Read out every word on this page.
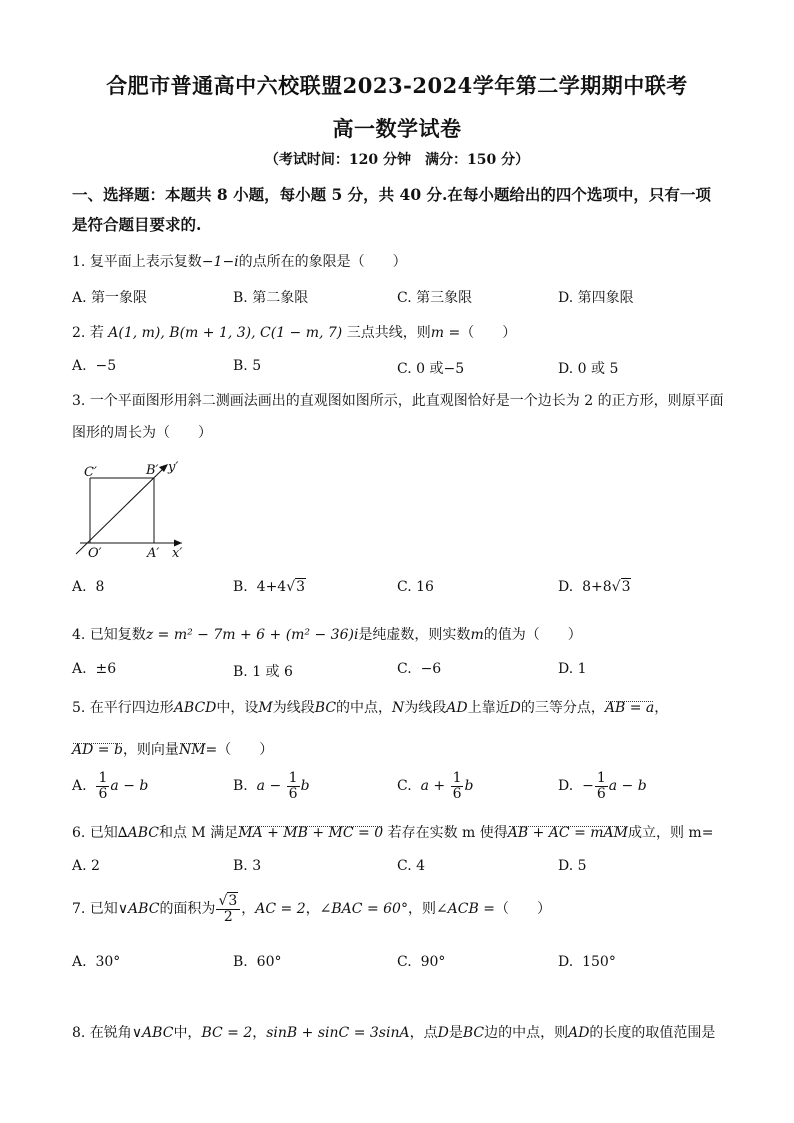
合肥市普通高中六校联盟2023-2024学年第二学期期中联考
高一数学试卷
（考试时间：120 分钟　满分：150 分）
一、选择题：本题共 8 小题，每小题 5 分，共 40 分.在每小题给出的四个选项中，只有一项
是符合题目要求的.
1. 复平面上表示复数−1−i的点所在的象限是（　　）
A. 第一象限	B. 第二象限	C. 第三象限	D. 第四象限
2. 若 A(1, m), B(m + 1, 3), C(1 − m, 7) 三点共线，则m =（　　）
A. −5	B. 5	C. 0 或−5	D. 0 或 5
3. 一个平面图形用斜二测画法画出的直观图如图所示，此直观图恰好是一个边长为 2 的正方形，则原平面
图形的周长为（　　）
C′	B′ y′
O′	A′ x′
A. 8	B. 4+4√3	C. 16	D. 8+8√3
4. 已知复数z = m² − 7m + 6 + (m² − 36)i是纯虚数，则实数m的值为（　　）
A. ±6	B. 1 或 6	C. −6	D. 1
5. 在平行四边形ABCD中，设M为线段BC的中点，N为线段AD上靠近D的三等分点，AB = a，
AD = b，则向量NM=（　　）
A. $\frac{1}{6}$ a − b	B. $a - \frac{1}{6}$ b	C. $a + \frac{1}{6}$ b	D. − $\frac{1}{6}$ a − b
6. 已知∆ABC和点 M 满足MA + MB + MC = 0 若存在实数 m 使得AB + AC = mAM成立，则 m=
A. 2	B. 3	C. 4	D. 5
7. 已知∨ABC的面积为 $\frac{√3}{2}$ ，AC = 2，∠BAC = 60°，则∠ACB =（　　）
A. 30°	B. 60°	C. 90°	D. 150°
8. 在锐角∨ABC中，BC = 2，sinB + sinC = 3sinA，点D是BC边的中点，则AD的长度的取值范围是
